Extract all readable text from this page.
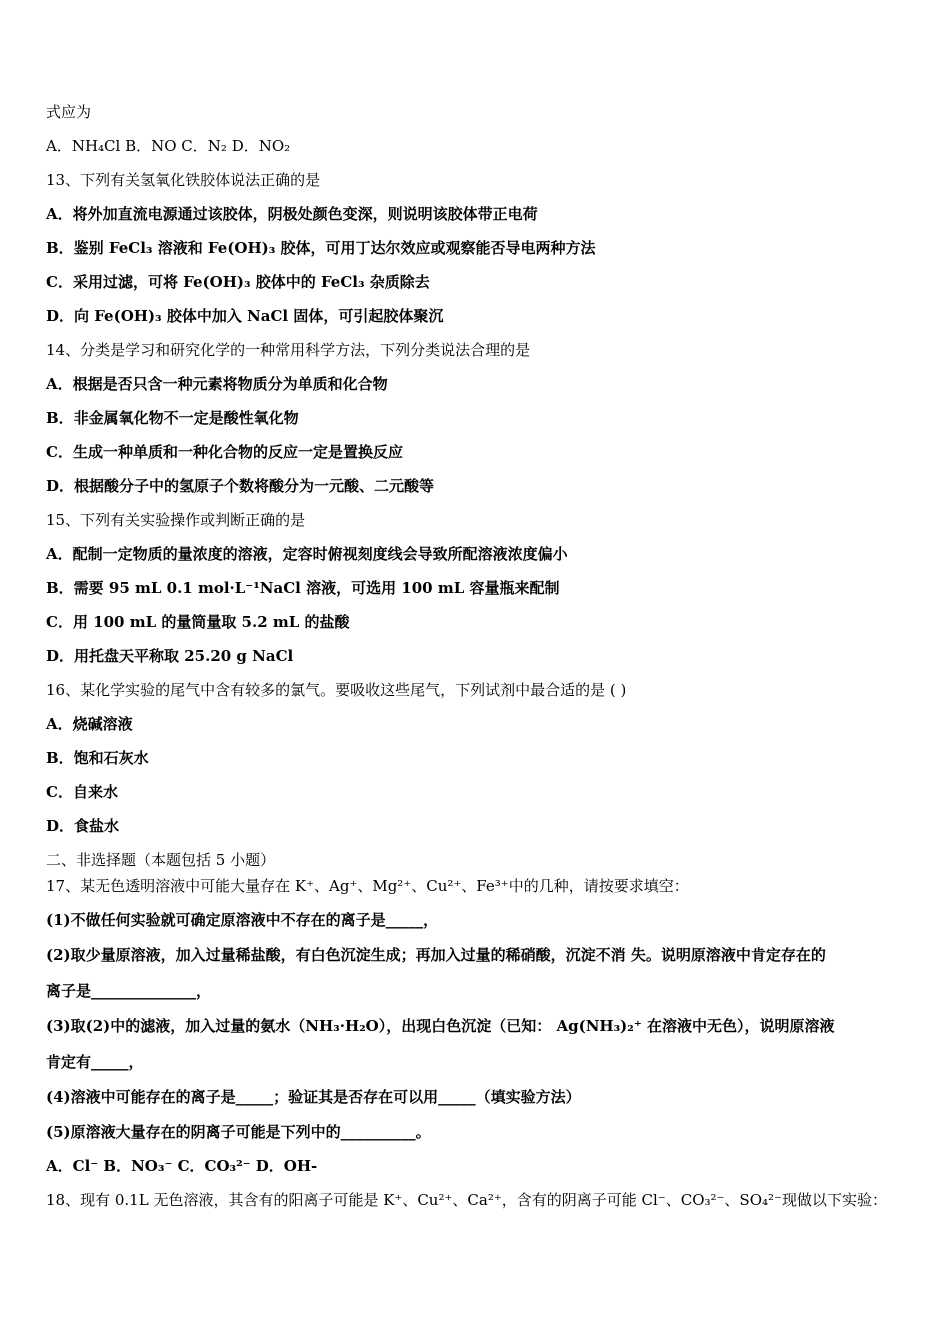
式应为
A．NH₄Cl B．NO C．N₂ D．NO₂
13、下列有关氢氧化铁胶体说法正确的是
A．将外加直流电源通过该胶体，阴极处颜色变深，则说明该胶体带正电荷
B．鉴别 FeCl₃ 溶液和 Fe(OH)₃ 胶体，可用丁达尔效应或观察能否导电两种方法
C．采用过滤，可将 Fe(OH)₃ 胶体中的 FeCl₃ 杂质除去
D．向 Fe(OH)₃ 胶体中加入 NaCl 固体，可引起胶体聚沉
14、分类是学习和研究化学的一种常用科学方法，下列分类说法合理的是
A．根据是否只含一种元素将物质分为单质和化合物
B．非金属氧化物不一定是酸性氧化物
C．生成一种单质和一种化合物的反应一定是置换反应
D．根据酸分子中的氢原子个数将酸分为一元酸、二元酸等
15、下列有关实验操作或判断正确的是
A．配制一定物质的量浓度的溶液，定容时俯视刻度线会导致所配溶液浓度偏小
B．需要 95 mL 0.1 mol·L⁻¹NaCl 溶液，可选用 100 mL 容量瓶来配制
C．用 100 mL 的量筒量取 5.2 mL 的盐酸
D．用托盘天平称取 25.20 g NaCl
16、某化学实验的尾气中含有较多的氯气。要吸收这些尾气，下列试剂中最合适的是 ( )
A．烧碱溶液
B．饱和石灰水
C．自来水
D．食盐水
二、非选择题（本题包括 5 小题）
17、某无色透明溶液中可能大量存在 K⁺、Ag⁺、Mg²⁺、Cu²⁺、Fe³⁺中的几种，请按要求填空：
(1)不做任何实验就可确定原溶液中不存在的离子是_____，
(2)取少量原溶液，加入过量稀盐酸，有白色沉淀生成；再加入过量的稀硝酸，沉淀不消 失。说明原溶液中肯定存在的
离子是______________，
(3)取(2)中的滤液，加入过量的氨水（NH₃·H₂O），出现白色沉淀（已知： Ag(NH₃)₂⁺ 在溶液中无色），说明原溶液
肯定有_____，
(4)溶液中可能存在的离子是_____；验证其是否存在可以用_____（填实验方法）
(5)原溶液大量存在的阴离子可能是下列中的__________。
A．Cl⁻ B．NO₃⁻ C．CO₃²⁻ D．OH-
18、现有 0.1L 无色溶液，其含有的阳离子可能是 K⁺、Cu²⁺、Ca²⁺，含有的阴离子可能 Cl⁻、CO₃²⁻、SO₄²⁻现做以下实验：
